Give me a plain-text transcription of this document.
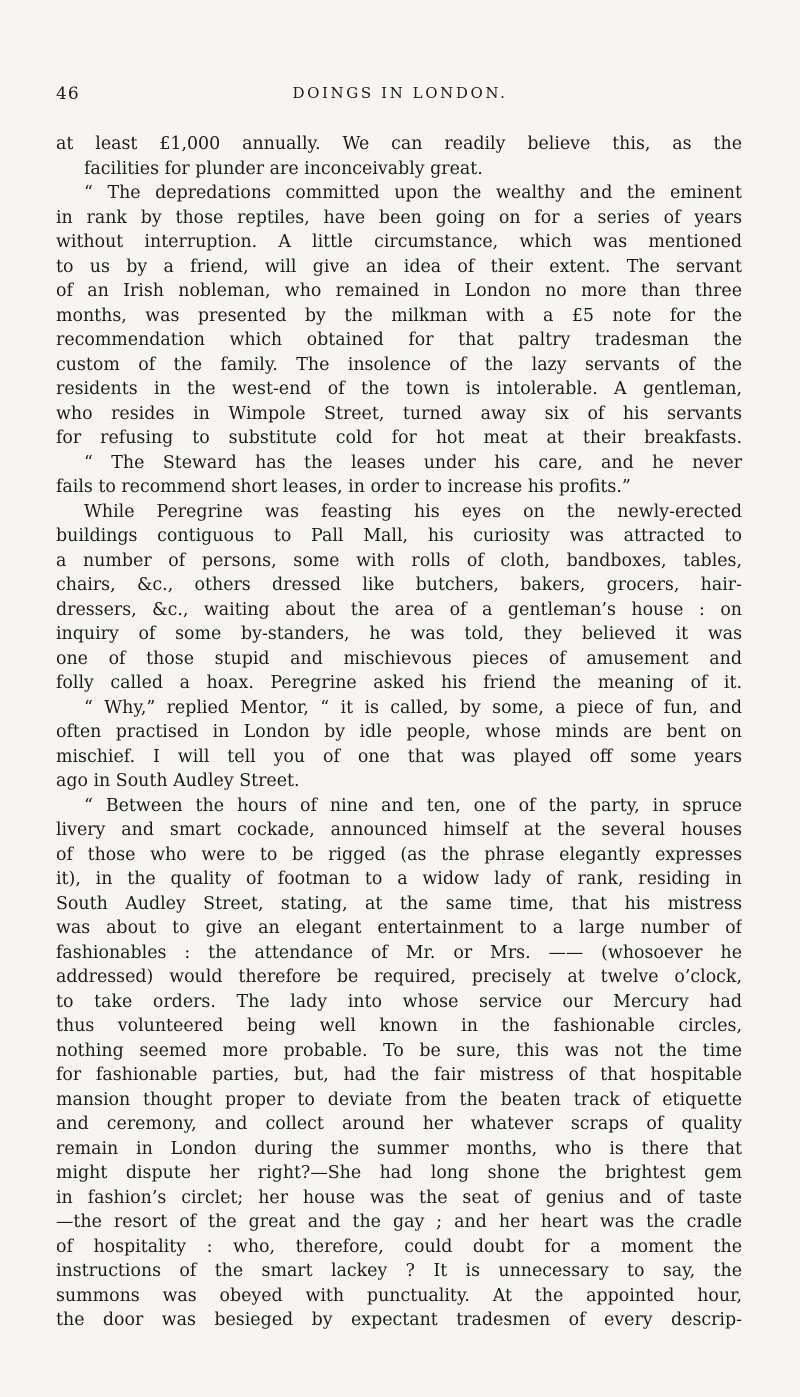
46	DOINGS IN LONDON.

at least £1,000 annually. We can readily believe this, as the

facilities for plunder are inconceivably great.

“ The depredations committed upon the wealthy and the eminent

in rank by those reptiles, have been going on for a series of years

without interruption. A little circumstance, which was mentioned

to us by a friend, will give an idea of their extent. The servant

of an Irish nobleman, who remained in London no more than three

months, was presented by the milkman with a £5 note for the

recommendation which obtained for that paltry tradesman the

custom of the family. The insolence of the lazy servants of the

residents in the west-end of the town is intolerable. A gentleman,

who resides in Wimpole Street, turned away six of his servants

for refusing to substitute cold for hot meat at their breakfasts.

“ The Steward has the leases under his care, and he never

fails to recommend short leases, in order to increase his profits.”

While Peregrine was feasting his eyes on the newly-erected

buildings contiguous to Pall Mall, his curiosity was attracted to

a number of persons, some with rolls of cloth, bandboxes, tables,

chairs, &c., others dressed like butchers, bakers, grocers, hair-

dressers, &c., waiting about the area of a gentleman’s house : on

inquiry of some by-standers, he was told, they believed it was

one of those stupid and mischievous pieces of amusement and

folly called a hoax. Peregrine asked his friend the meaning of it.

“ Why,” replied Mentor, “ it is called, by some, a piece of fun, and

often practised in London by idle people, whose minds are bent on

mischief. I will tell you of one that was played off some years

ago in South Audley Street.

“ Between the hours of nine and ten, one of the party, in spruce

livery and smart cockade, announced himself at the several houses

of those who were to be rigged (as the phrase elegantly expresses

it), in the quality of footman to a widow lady of rank, residing in

South Audley Street, stating, at the same time, that his mistress

was about to give an elegant entertainment to a large number of

fashionables : the attendance of Mr. or Mrs. —— (whosoever he

addressed) would therefore be required, precisely at twelve o’clock,

to take orders. The lady into whose service our Mercury had

thus volunteered being well known in the fashionable circles,

nothing seemed more probable. To be sure, this was not the time

for fashionable parties, but, had the fair mistress of that hospitable

mansion thought proper to deviate from the beaten track of etiquette

and ceremony, and collect around her whatever scraps of quality

remain in London during the summer months, who is there that

might dispute her right?—She had long shone the brightest gem

in fashion’s circlet; her house was the seat of genius and of taste

—the resort of the great and the gay ; and her heart was the cradle

of hospitality : who, therefore, could doubt for a moment the

instructions of the smart lackey ? It is unnecessary to say, the

summons was obeyed with punctuality. At the appointed hour,

the door was besieged by expectant tradesmen of every descrip-
